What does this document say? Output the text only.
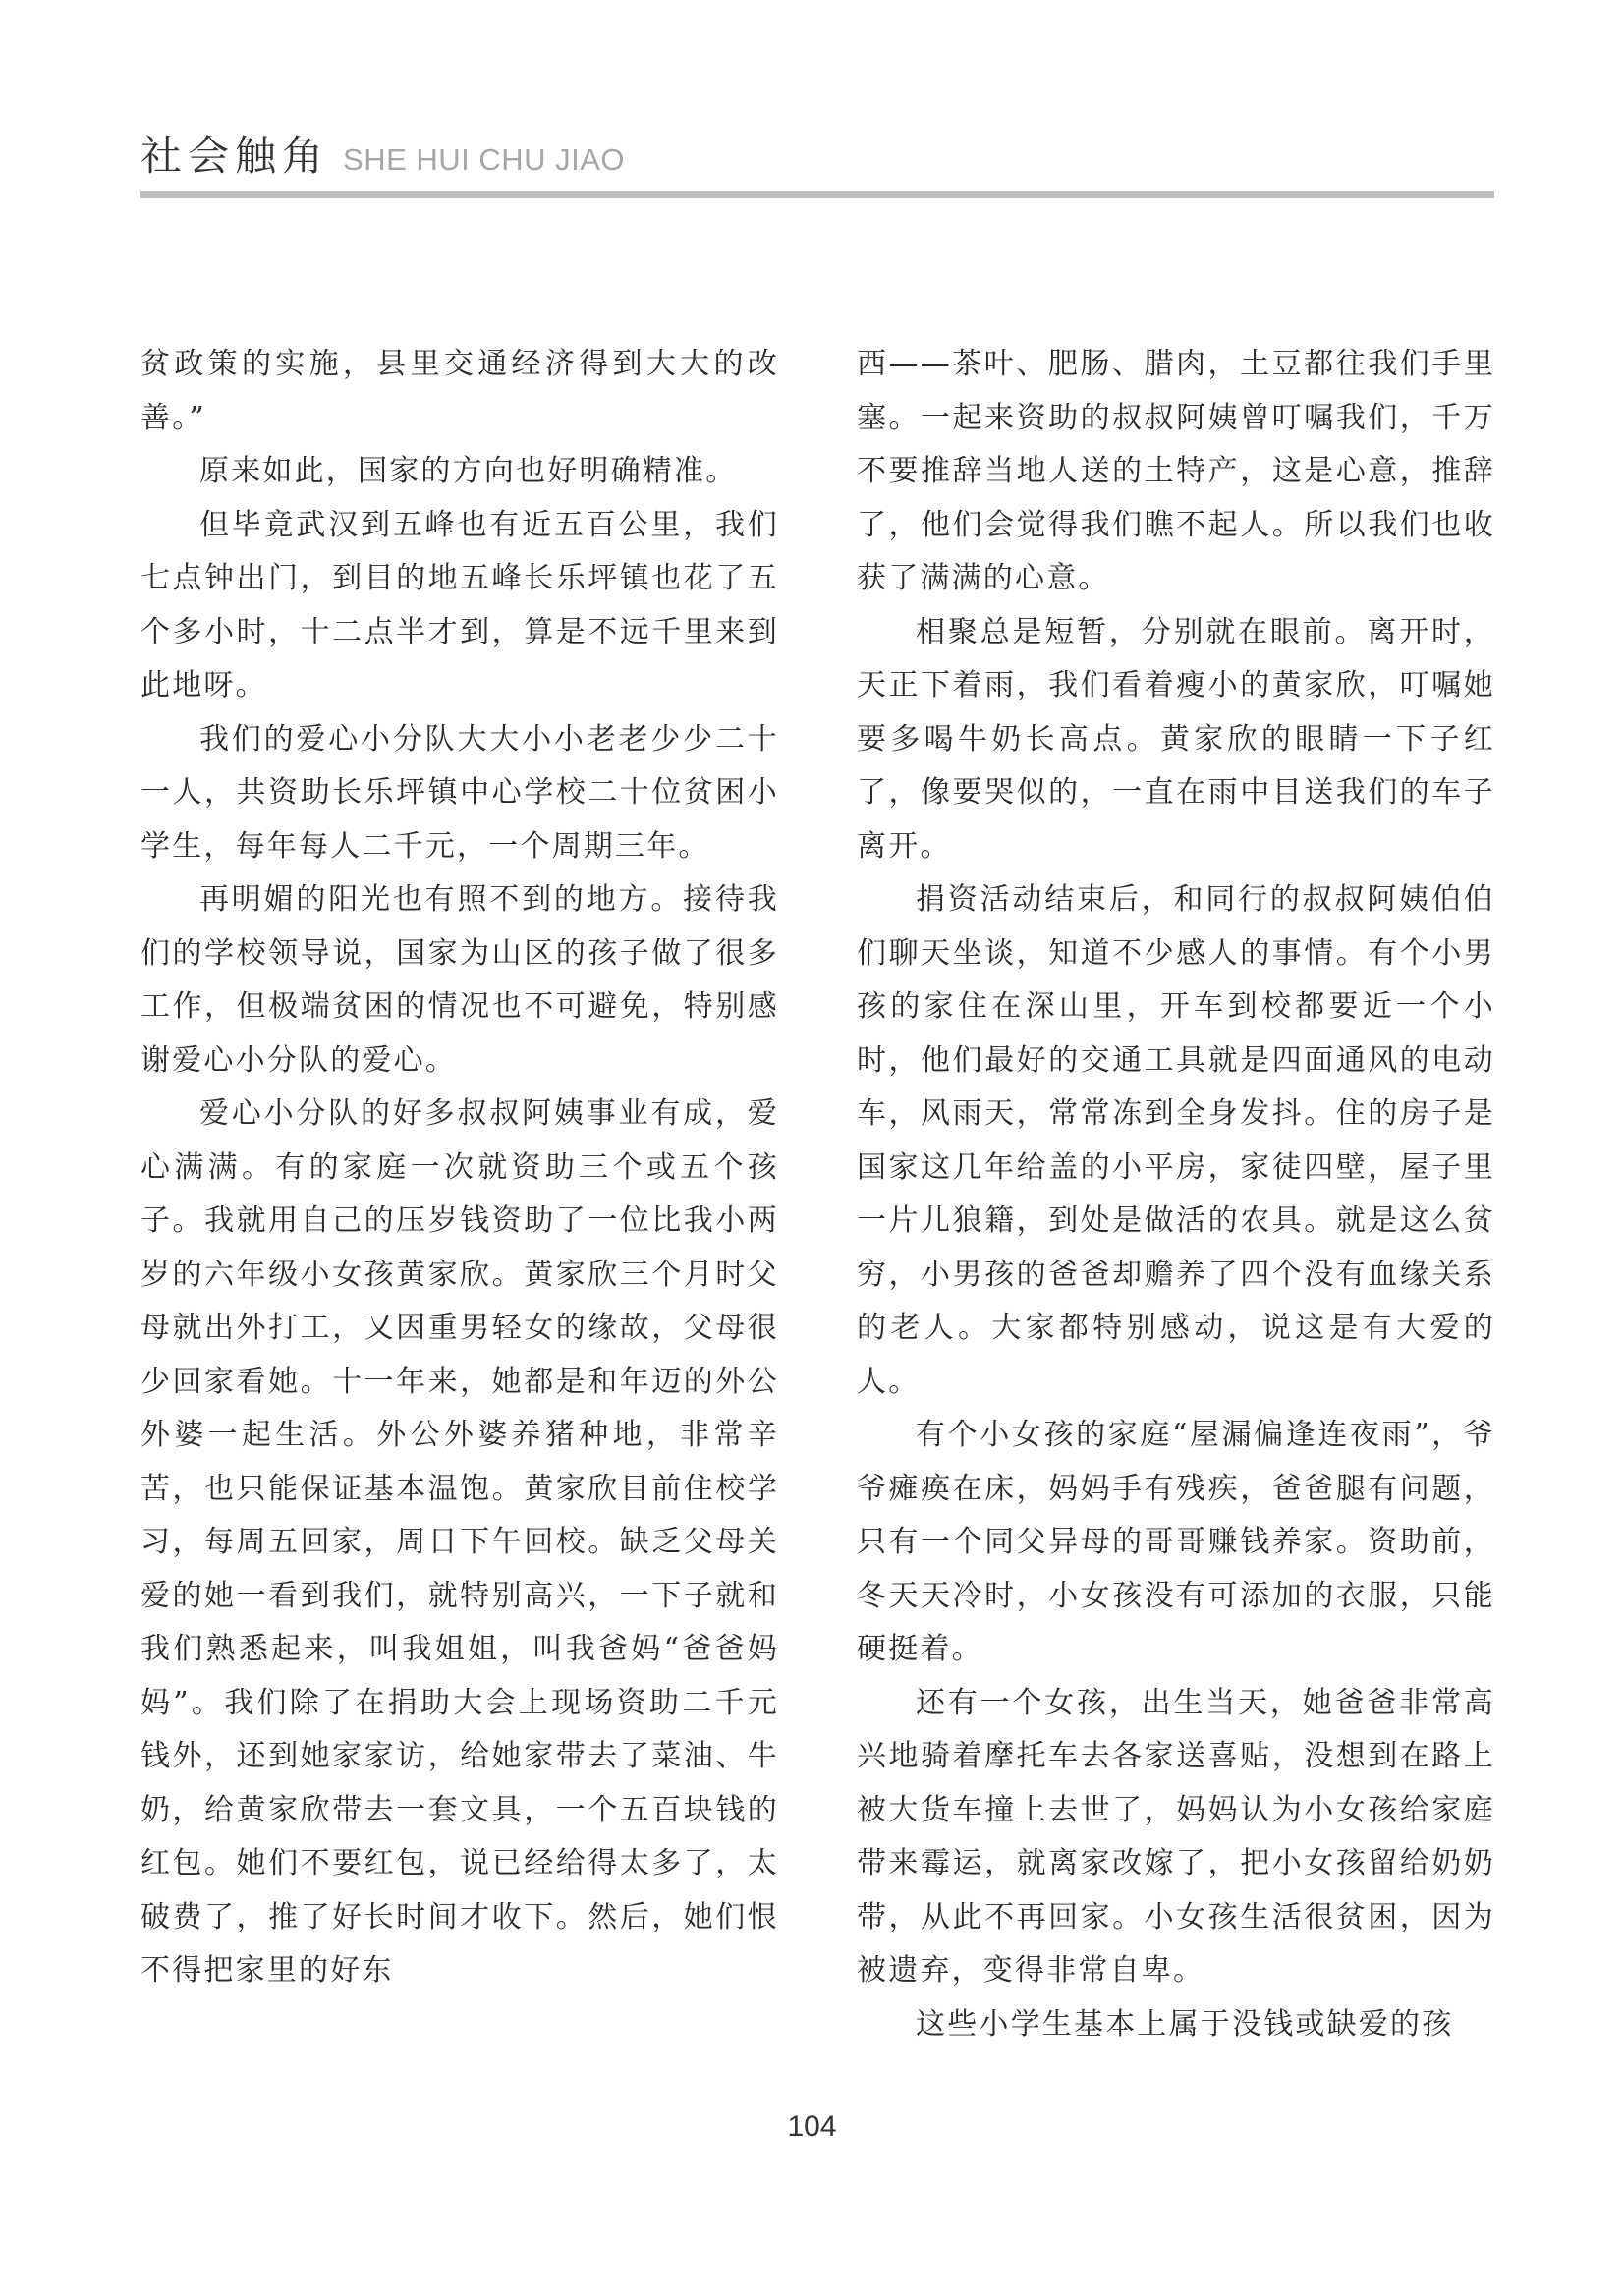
社会触角 SHE HUI CHU JIAO

贫政策的实施，县里交通经济得到大大的改善。”

原来如此，国家的方向也好明确精准。

但毕竟武汉到五峰也有近五百公里，我们七点钟出门，到目的地五峰长乐坪镇也花了五个多小时，十二点半才到，算是不远千里来到此地呀。

我们的爱心小分队大大小小老老少少二十一人，共资助长乐坪镇中心学校二十位贫困小学生，每年每人二千元，一个周期三年。

再明媚的阳光也有照不到的地方。接待我们的学校领导说，国家为山区的孩子做了很多工作，但极端贫困的情况也不可避免，特别感谢爱心小分队的爱心。

爱心小分队的好多叔叔阿姨事业有成，爱心满满。有的家庭一次就资助三个或五个孩子。我就用自己的压岁钱资助了一位比我小两岁的六年级小女孩黄家欣。黄家欣三个月时父母就出外打工，又因重男轻女的缘故，父母很少回家看她。十一年来，她都是和年迈的外公外婆一起生活。外公外婆养猪种地，非常辛苦，也只能保证基本温饱。黄家欣目前住校学习，每周五回家，周日下午回校。缺乏父母关爱的她一看到我们，就特别高兴，一下子就和我们熟悉起来，叫我姐姐，叫我爸妈“爸爸妈妈”。我们除了在捐助大会上现场资助二千元钱外，还到她家家访，给她家带去了菜油、牛奶，给黄家欣带去一套文具，一个五百块钱的红包。她们不要红包，说已经给得太多了，太破费了，推了好长时间才收下。然后，她们恨不得把家里的好东

西——茶叶、肥肠、腊肉，土豆都往我们手里塞。一起来资助的叔叔阿姨曾叮嘱我们，千万不要推辞当地人送的土特产，这是心意，推辞了，他们会觉得我们瞧不起人。所以我们也收获了满满的心意。

相聚总是短暂，分别就在眼前。离开时，天正下着雨，我们看着瘦小的黄家欣，叮嘱她要多喝牛奶长高点。黄家欣的眼睛一下子红了，像要哭似的，一直在雨中目送我们的车子离开。

捐资活动结束后，和同行的叔叔阿姨伯伯们聊天坐谈，知道不少感人的事情。有个小男孩的家住在深山里，开车到校都要近一个小时，他们最好的交通工具就是四面通风的电动车，风雨天，常常冻到全身发抖。住的房子是国家这几年给盖的小平房，家徒四壁，屋子里一片儿狼籍，到处是做活的农具。就是这么贫穷，小男孩的爸爸却赡养了四个没有血缘关系的老人。大家都特别感动，说这是有大爱的人。

有个小女孩的家庭“屋漏偏逢连夜雨”，爷爷瘫痪在床，妈妈手有残疾，爸爸腿有问题，只有一个同父异母的哥哥赚钱养家。资助前，冬天天冷时，小女孩没有可添加的衣服，只能硬挺着。

还有一个女孩，出生当天，她爸爸非常高兴地骑着摩托车去各家送喜贴，没想到在路上被大货车撞上去世了，妈妈认为小女孩给家庭带来霉运，就离家改嫁了，把小女孩留给奶奶带，从此不再回家。小女孩生活很贫困，因为被遗弃，变得非常自卑。

这些小学生基本上属于没钱或缺爱的孩

104
